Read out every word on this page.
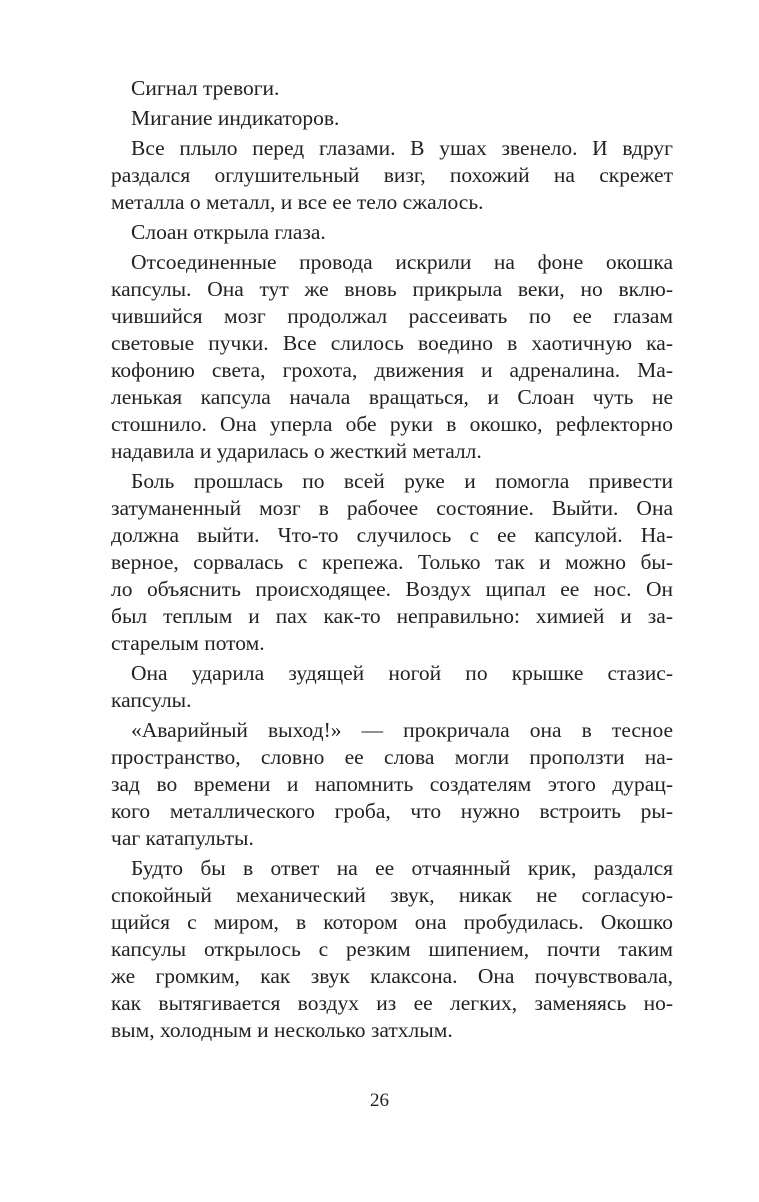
Сигнал тревоги.
Мигание индикаторов.
Все плыло перед глазами. В ушах звенело. И вдруг
раздался оглушительный визг, похожий на скрежет
металла о металл, и все ее тело сжалось.
Слоан открыла глаза.
Отсоединенные провода искрили на фоне окошка
капсулы. Она тут же вновь прикрыла веки, но вклю-
чившийся мозг продолжал рассеивать по ее глазам
световые пучки. Все слилось воедино в хаотичную ка-
кофонию света, грохота, движения и адреналина. Ма-
ленькая капсула начала вращаться, и Слоан чуть не
стошнило. Она уперла обе руки в окошко, рефлекторно
надавила и ударилась о жесткий металл.
Боль прошлась по всей руке и помогла привести
затуманенный мозг в рабочее состояние. Выйти. Она
должна выйти. Что-то случилось с ее капсулой. На-
верное, сорвалась с крепежа. Только так и можно бы-
ло объяснить происходящее. Воздух щипал ее нос. Он
был теплым и пах как-то неправильно: химией и за-
старелым потом.
Она ударила зудящей ногой по крышке стазис-
капсулы.
«Аварийный выход!» — прокричала она в тесное
пространство, словно ее слова могли проползти на-
зад во времени и напомнить создателям этого дурац-
кого металлического гроба, что нужно встроить ры-
чаг катапульты.
Будто бы в ответ на ее отчаянный крик, раздался
спокойный механический звук, никак не согласую-
щийся с миром, в котором она пробудилась. Окошко
капсулы открылось с резким шипением, почти таким
же громким, как звук клаксона. Она почувствовала,
как вытягивается воздух из ее легких, заменяясь но-
вым, холодным и несколько затхлым.
26
